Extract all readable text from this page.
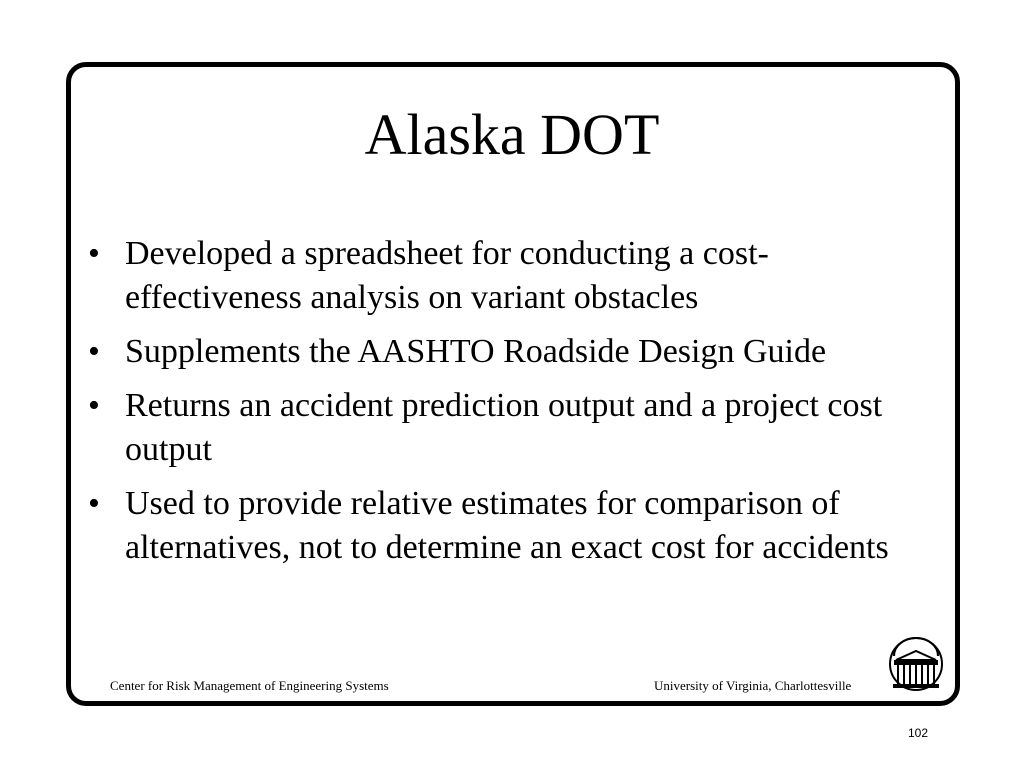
Alaska DOT
• Developed a spreadsheet for conducting a cost-effectiveness analysis on variant obstacles
• Supplements the AASHTO Roadside Design Guide
• Returns an accident prediction output and a project cost output
• Used to provide relative estimates for comparison of alternatives, not to determine an exact cost for accidents
Center for Risk Management of Engineering Systems	University of Virginia, Charlottesville
102
